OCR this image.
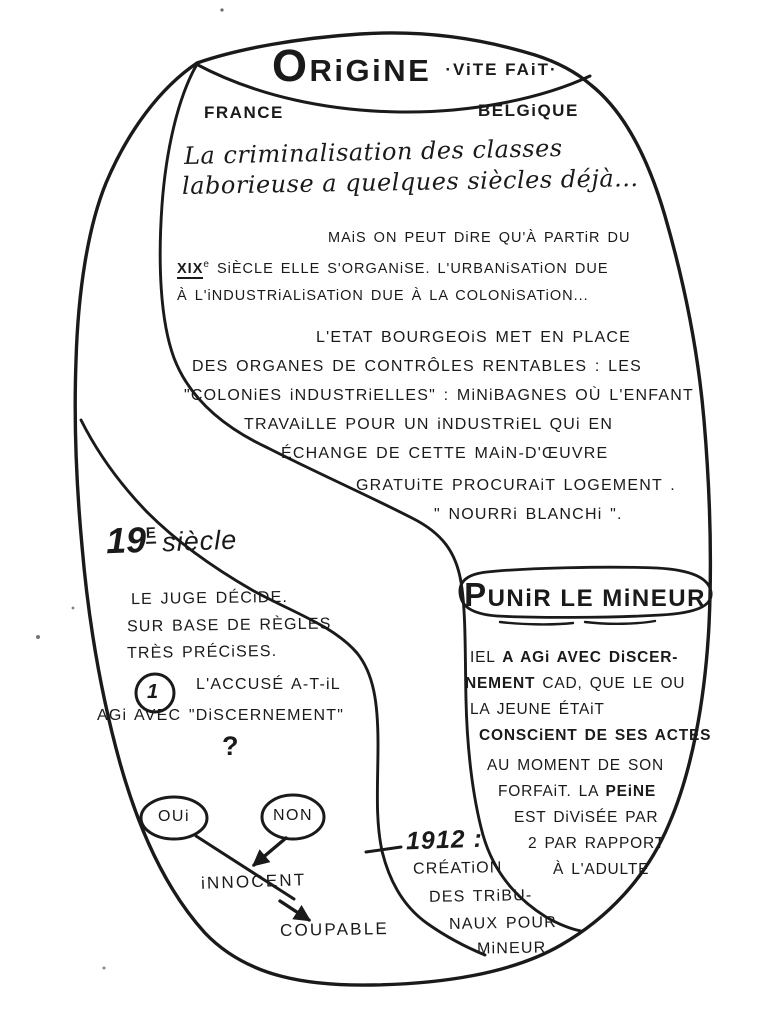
ORiGiNE ·ViTE FAiT·
FRANCE	BELGiQUE
La criminalisation des classes
laborieuse a quelques siècles déjà...
MAiS ON PEUT DiRE QU'À PARTiR DU
XIXe SiÈCLE ELLE S'ORGANiSE. L'URBANiSATiON DUE
À L'iNDUSTRiALiSATiON DUE À LA COLONiSATiON...
L'ETAT BOURGEOiS MET EN PLACE
DES ORGANES DE CONTRÔLES RENTABLES : LES
"COLONiES iNDUSTRiELLES" : MiNiBAGNES OÙ L'ENFANT
TRAVAiLLE POUR UN iNDUSTRiEL QUi EN
ÉCHANGE DE CETTE MAiN-D'ŒUVRE
GRATUiTE PROCURAiT LOGEMENT .
" NOURRi BLANCHi ".
19E siècle
LE JUGE DÉCiDE.
SUR BASE DE RÈGLES
TRÈS PRÉCiSES.
1 L'ACCUSÉ A-T-iL
AGi AVEC "DiSCERNEMENT"
?
OUi	NON
iNNOCENT
COUPABLE
1912 :
CRÉATiON
DES TRiBU-
NAUX POUR
MiNEUR.
PUNiR LE MiNEUR
IEL A AGi AVEC DiSCER-
NEMENT CAD, QUE LE OU
LA JEUNE ÉTAiT
CONSCiENT DE SES ACTES
AU MOMENT DE SON
FORFAiT. LA PEiNE
EST DiViSÉE PAR
2 PAR RAPPORT
À L'ADULTE
